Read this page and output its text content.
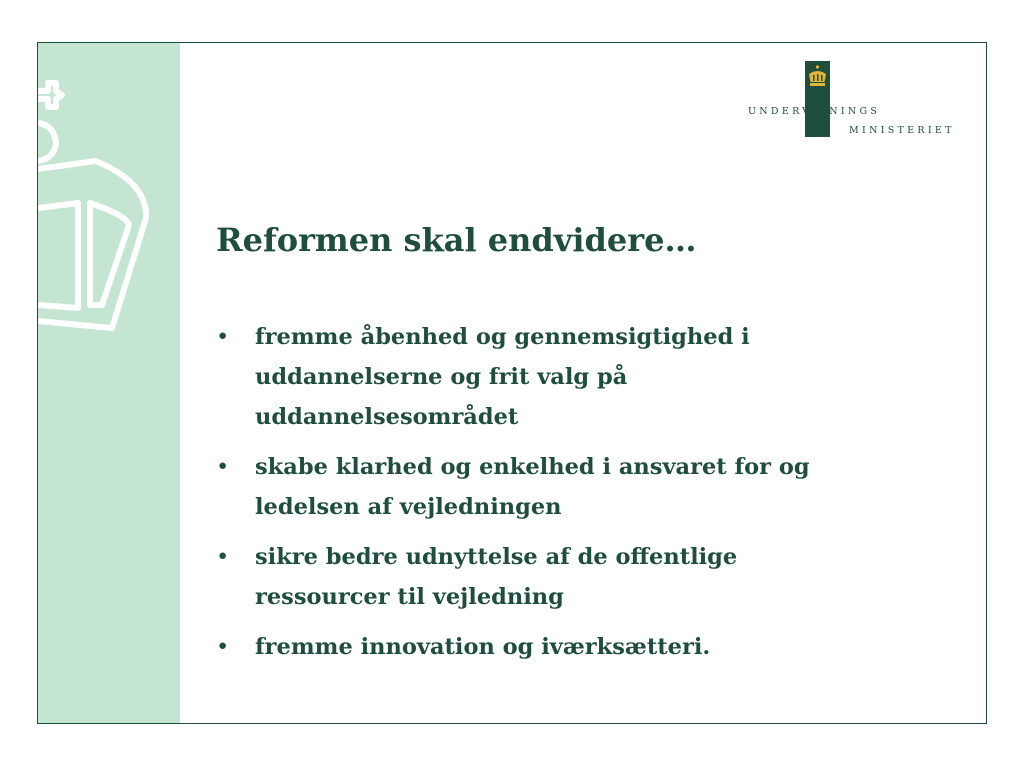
UNDERVISNINGS
MINISTERIET
Reformen skal endvidere…
• fremme åbenhed og gennemsigtighed i
uddannelserne og frit valg på
uddannelsesområdet
• skabe klarhed og enkelhed i ansvaret for og
ledelsen af vejledningen
• sikre bedre udnyttelse af de offentlige
ressourcer til vejledning
• fremme innovation og iværksætteri.
